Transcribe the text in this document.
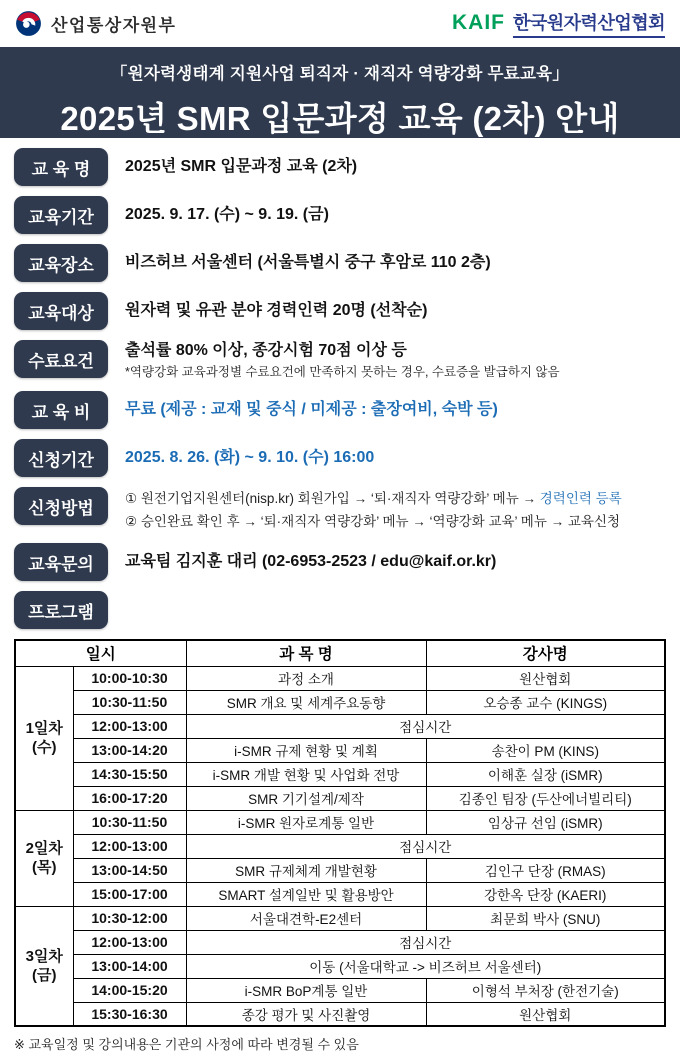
산업통상자원부	KAIF 한국원자력산업협회
「원자력생태계 지원사업 퇴직자 · 재직자 역량강화 무료교육」
2025년 SMR 입문과정 교육 (2차) 안내
교 육 명	2025년 SMR 입문과정 교육 (2차)
교육기간	2025. 9. 17. (수) ~ 9. 19. (금)
교육장소	비즈허브 서울센터 (서울특별시 중구 후암로 110 2층)
교육대상	원자력 및 유관 분야 경력인력 20명 (선착순)
수료요건
출석률 80% 이상, 종강시험 70점 이상 등
*역량강화 교육과정별 수료요건에 만족하지 못하는 경우, 수료증을 발급하지 않음
교 육 비	무료 (제공 : 교재 및 중식 / 미제공 : 출장여비, 숙박 등)
신청기간	2025. 8. 26. (화) ~ 9. 10. (수) 16:00
신청방법	① 원전기업지원센터(nisp.kr) 회원가입 → ‘퇴·재직자 역량강화’ 메뉴 → 경력인력 등록
② 승인완료 확인 후 → ‘퇴·재직자 역량강화’ 메뉴 → ‘역량강화 교육’ 메뉴 → 교육신청
교육문의	교육팀 김지훈 대리 (02-6953-2523 / edu@kaif.or.kr)
프로그램
일시		과 목 명	강사명

1일차
(수)	10:00-10:30	과정 소개	원산협회
	10:30-11:50	SMR 개요 및 세계주요동향	오승종 교수 (KINGS)
	12:00-13:00	점심시간	
	13:00-14:20	i-SMR 규제 현황 및 계획	송찬이 PM (KINS)
	14:30-15:50	i-SMR 개발 현황 및 사업화 전망	이해훈 실장 (iSMR)
	16:00-17:20	SMR 기기설계/제작	김종인 팀장 (두산에너빌리티)

2일차
(목)	10:30-11:50	i-SMR 원자로계통 일반	임상규 선임 (iSMR)
	12:00-13:00	점심시간	
	13:00-14:50	SMR 규제체계 개발현황	김인구 단장 (RMAS)
	15:00-17:00	SMART 설계일반 및 활용방안	강한옥 단장 (KAERI)

3일차
(금)	10:30-12:00	서울대견학-E2센터	최문희 박사 (SNU)
	12:00-13:00	점심시간	
	13:00-14:00	이동 (서울대학교 -> 비즈허브 서울센터)	
	14:00-15:20	i-SMR BoP계통 일반	이형석 부처장 (한전기술)
	15:30-16:30	종강 평가 및 사진촬영	원산협회
※ 교육일정 및 강의내용은 기관의 사정에 따라 변경될 수 있음
